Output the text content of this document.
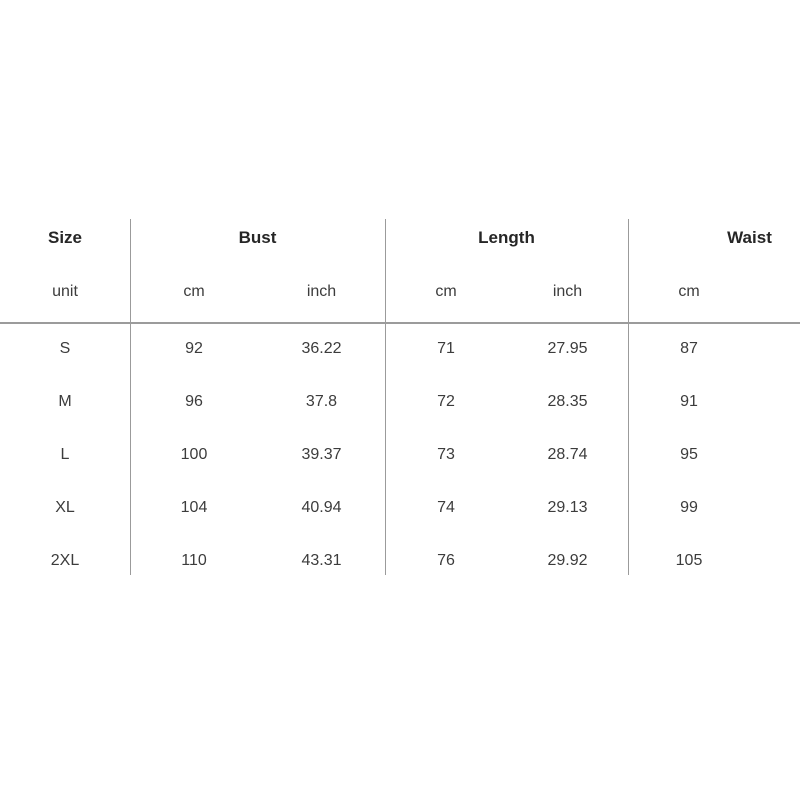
Size	Bust		Length		Waist	
unit	cm	inch	cm	inch	cm	
S	92	36.22	71	27.95	87	
M	96	37.8	72	28.35	91	
L	100	39.37	73	28.74	95	
XL	104	40.94	74	29.13	99	
2XL	110	43.31	76	29.92	105	
